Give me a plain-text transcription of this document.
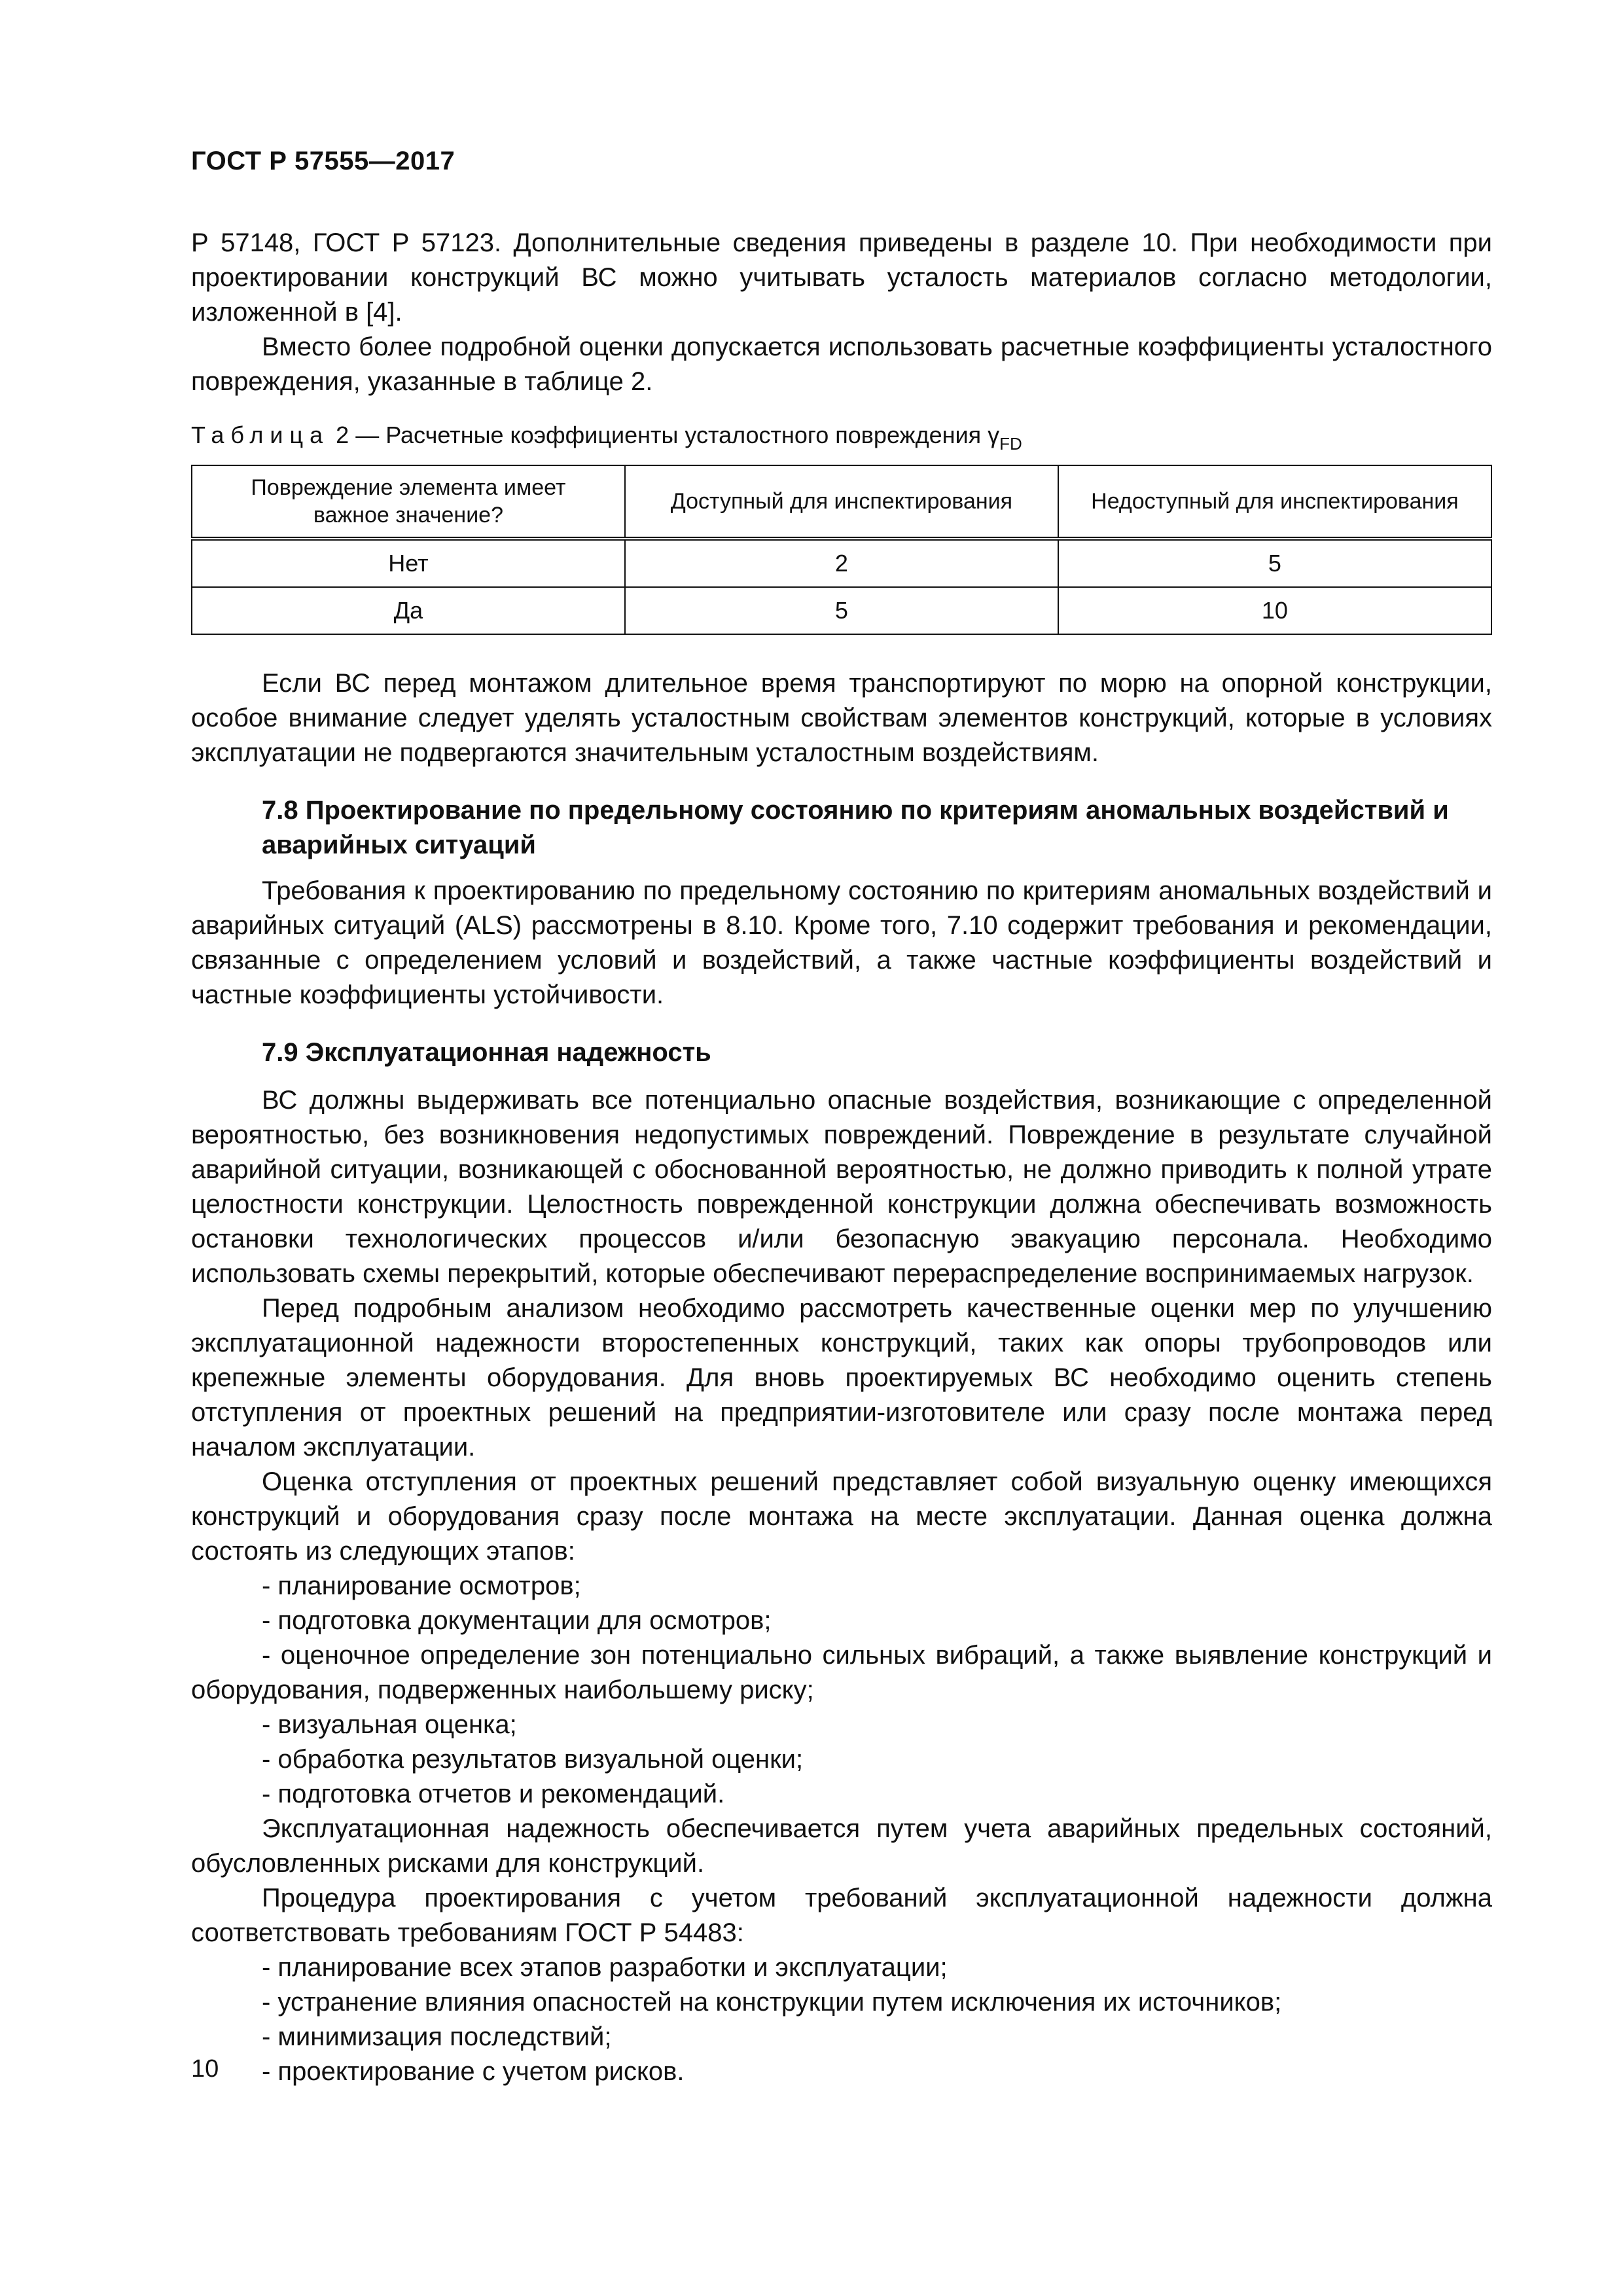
ГОСТ Р 57555—2017

Р 57148, ГОСТ Р 57123. Дополнительные сведения приведены в разделе 10. При необходимости при проектировании конструкций ВС можно учитывать усталость материалов согласно методологии, изложенной в [4].

Вместо более подробной оценки допускается использовать расчетные коэффициенты усталостного повреждения, указанные в таблице 2.

Таблица 2 — Расчетные коэффициенты усталостного повреждения $\gamma_{FD}$
Повреждение элемента имеет важное значение?	Доступный для инспектирования	Недоступный для инспектирования
Нет	2	5
Да	5	10

Если ВС перед монтажом длительное время транспортируют по морю на опорной конструкции, особое внимание следует уделять усталостным свойствам элементов конструкций, которые в условиях эксплуатации не подвергаются значительным усталостным воздействиям.

7.8 Проектирование по предельному состоянию по критериям аномальных воздействий и аварийных ситуаций

Требования к проектированию по предельному состоянию по критериям аномальных воздействий и аварийных ситуаций (ALS) рассмотрены в 8.10. Кроме того, 7.10 содержит требования и рекомендации, связанные с определением условий и воздействий, а также частные коэффициенты воздействий и частные коэффициенты устойчивости.

7.9 Эксплуатационная надежность

ВС должны выдерживать все потенциально опасные воздействия, возникающие с определенной вероятностью, без возникновения недопустимых повреждений. Повреждение в результате случайной аварийной ситуации, возникающей с обоснованной вероятностью, не должно приводить к полной утрате целостности конструкции. Целостность поврежденной конструкции должна обеспечивать возможность остановки технологических процессов и/или безопасную эвакуацию персонала. Необходимо использовать схемы перекрытий, которые обеспечивают перераспределение воспринимаемых нагрузок.

Перед подробным анализом необходимо рассмотреть качественные оценки мер по улучшению эксплуатационной надежности второстепенных конструкций, таких как опоры трубопроводов или крепежные элементы оборудования. Для вновь проектируемых ВС необходимо оценить степень отступления от проектных решений на предприятии-изготовителе или сразу после монтажа перед началом эксплуатации.

Оценка отступления от проектных решений представляет собой визуальную оценку имеющихся конструкций и оборудования сразу после монтажа на месте эксплуатации. Данная оценка должна состоять из следующих этапов:

- планирование осмотров;

- подготовка документации для осмотров;

- оценочное определение зон потенциально сильных вибраций, а также выявление конструкций и оборудования, подверженных наибольшему риску;

- визуальная оценка;

- обработка результатов визуальной оценки;

- подготовка отчетов и рекомендаций.

Эксплуатационная надежность обеспечивается путем учета аварийных предельных состояний, обусловленных рисками для конструкций.

Процедура проектирования с учетом требований эксплуатационной надежности должна соответствовать требованиям ГОСТ Р 54483:

- планирование всех этапов разработки и эксплуатации;

- устранение влияния опасностей на конструкции путем исключения их источников;

- минимизация последствий;

- проектирование с учетом рисков.

10
